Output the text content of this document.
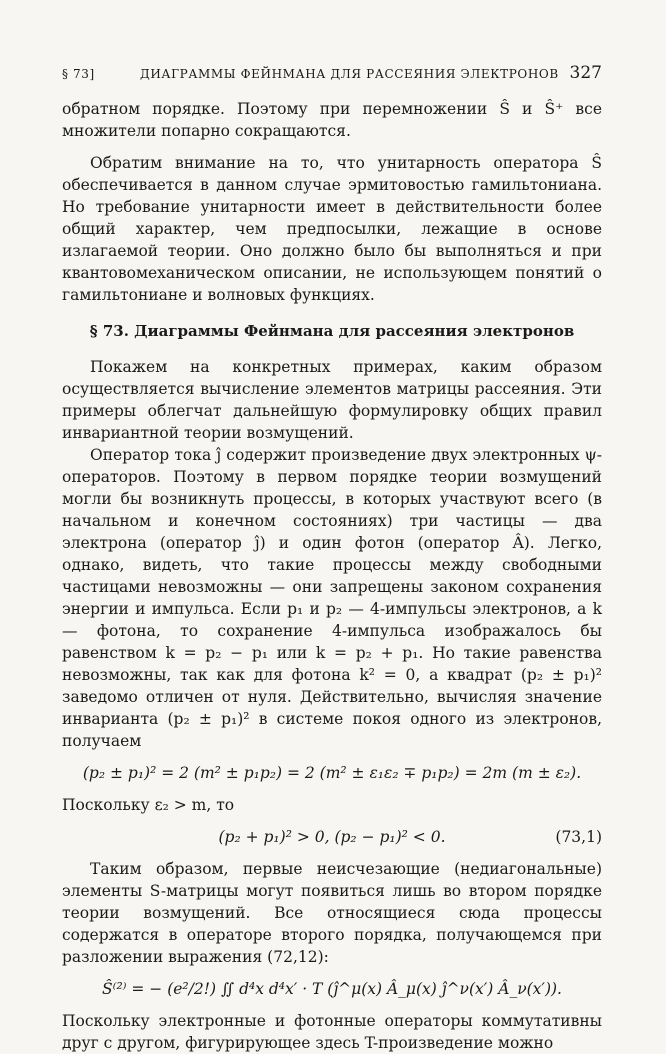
§ 73]	ДИАГРАММЫ ФЕЙНМАНА ДЛЯ РАССЕЯНИЯ ЭЛЕКТРОНОВ 327

обратном порядке. Поэтому при перемножении Ŝ и Ŝ⁺ все множители попарно сокращаются.

Обратим внимание на то, что унитарность оператора Ŝ обеспечивается в данном случае эрмитовостью гамильтониана. Но требование унитарности имеет в действительности более общий характер, чем предпосылки, лежащие в основе излагаемой теории. Оно должно было бы выполняться и при квантовомеханическом описании, не использующем понятий о гамильтониане и волновых функциях.

§ 73. Диаграммы Фейнмана для рассеяния электронов

Покажем на конкретных примерах, каким образом осуществляется вычисление элементов матрицы рассеяния. Эти примеры облегчат дальнейшую формулировку общих правил инвариантной теории возмущений.

Оператор тока ĵ содержит произведение двух электронных ψ-операторов. Поэтому в первом порядке теории возмущений могли бы возникнуть процессы, в которых участвуют всего (в начальном и конечном состояниях) три частицы — два электрона (оператор ĵ) и один фотон (оператор Â). Легко, однако, видеть, что такие процессы между свободными частицами невозможны — они запрещены законом сохранения энергии и импульса. Если p₁ и p₂ — 4-импульсы электронов, а k — фотона, то сохранение 4-импульса изображалось бы равенством k = p₂ − p₁ или k = p₂ + p₁. Но такие равенства невозможны, так как для фотона k² = 0, а квадрат (p₂ ± p₁)² заведомо отличен от нуля. Действительно, вычисляя значение инварианта (p₂ ± p₁)² в системе покоя одного из электронов, получаем

(p₂ ± p₁)² = 2 (m² ± p₁p₂) = 2 (m² ± ε₁ε₂ ∓ p₁p₂) = 2m (m ± ε₂).

Поскольку ε₂ > m, то

(p₂ + p₁)² > 0, (p₂ − p₁)² < 0.	(73,1)

Таким образом, первые неисчезающие (недиагональные) элементы S-матрицы могут появиться лишь во втором порядке теории возмущений. Все относящиеся сюда процессы содержатся в операторе второго порядка, получающемся при разложении выражения (72,12):

Ŝ⁽²⁾ = − (e²/2!) ∬ d⁴x d⁴x′ · T (ĵ^μ(x) Â_μ(x) ĵ^ν(x′) Â_ν(x′)).

Поскольку электронные и фотонные операторы коммутативны друг с другом, фигурирующее здесь T-произведение можно
